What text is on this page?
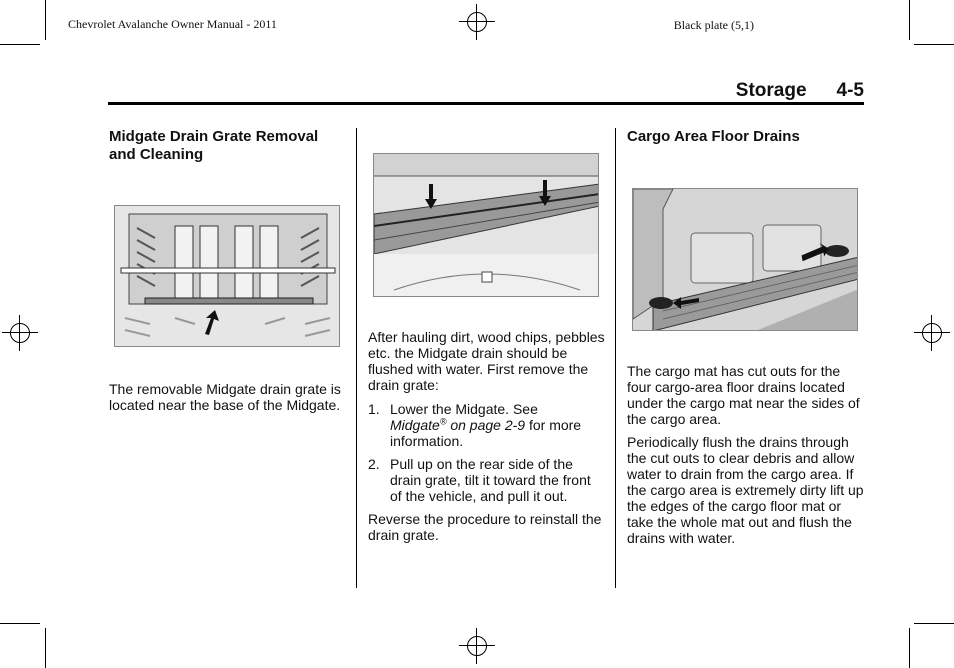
Chevrolet Avalanche Owner Manual - 2011	Black plate (5,1)
Storage 4-5
Midgate Drain Grate Removal and Cleaning

The removable Midgate drain grate is located near the base of the Midgate.

After hauling dirt, wood chips, pebbles etc. the Midgate drain should be flushed with water. First remove the drain grate:

1. Lower the Midgate. See
Midgate® on page 2-9 for more information.
2. Pull up on the rear side of the drain grate, tilt it toward the front of the vehicle, and pull it out.

Reverse the procedure to reinstall the drain grate.

Cargo Area Floor Drains

The cargo mat has cut outs for the four cargo-area floor drains located under the cargo mat near the sides of the cargo area.

Periodically flush the drains through the cut outs to clear debris and allow water to drain from the cargo area. If the cargo area is extremely dirty lift up the edges of the cargo floor mat or take the whole mat out and flush the drains with water.
